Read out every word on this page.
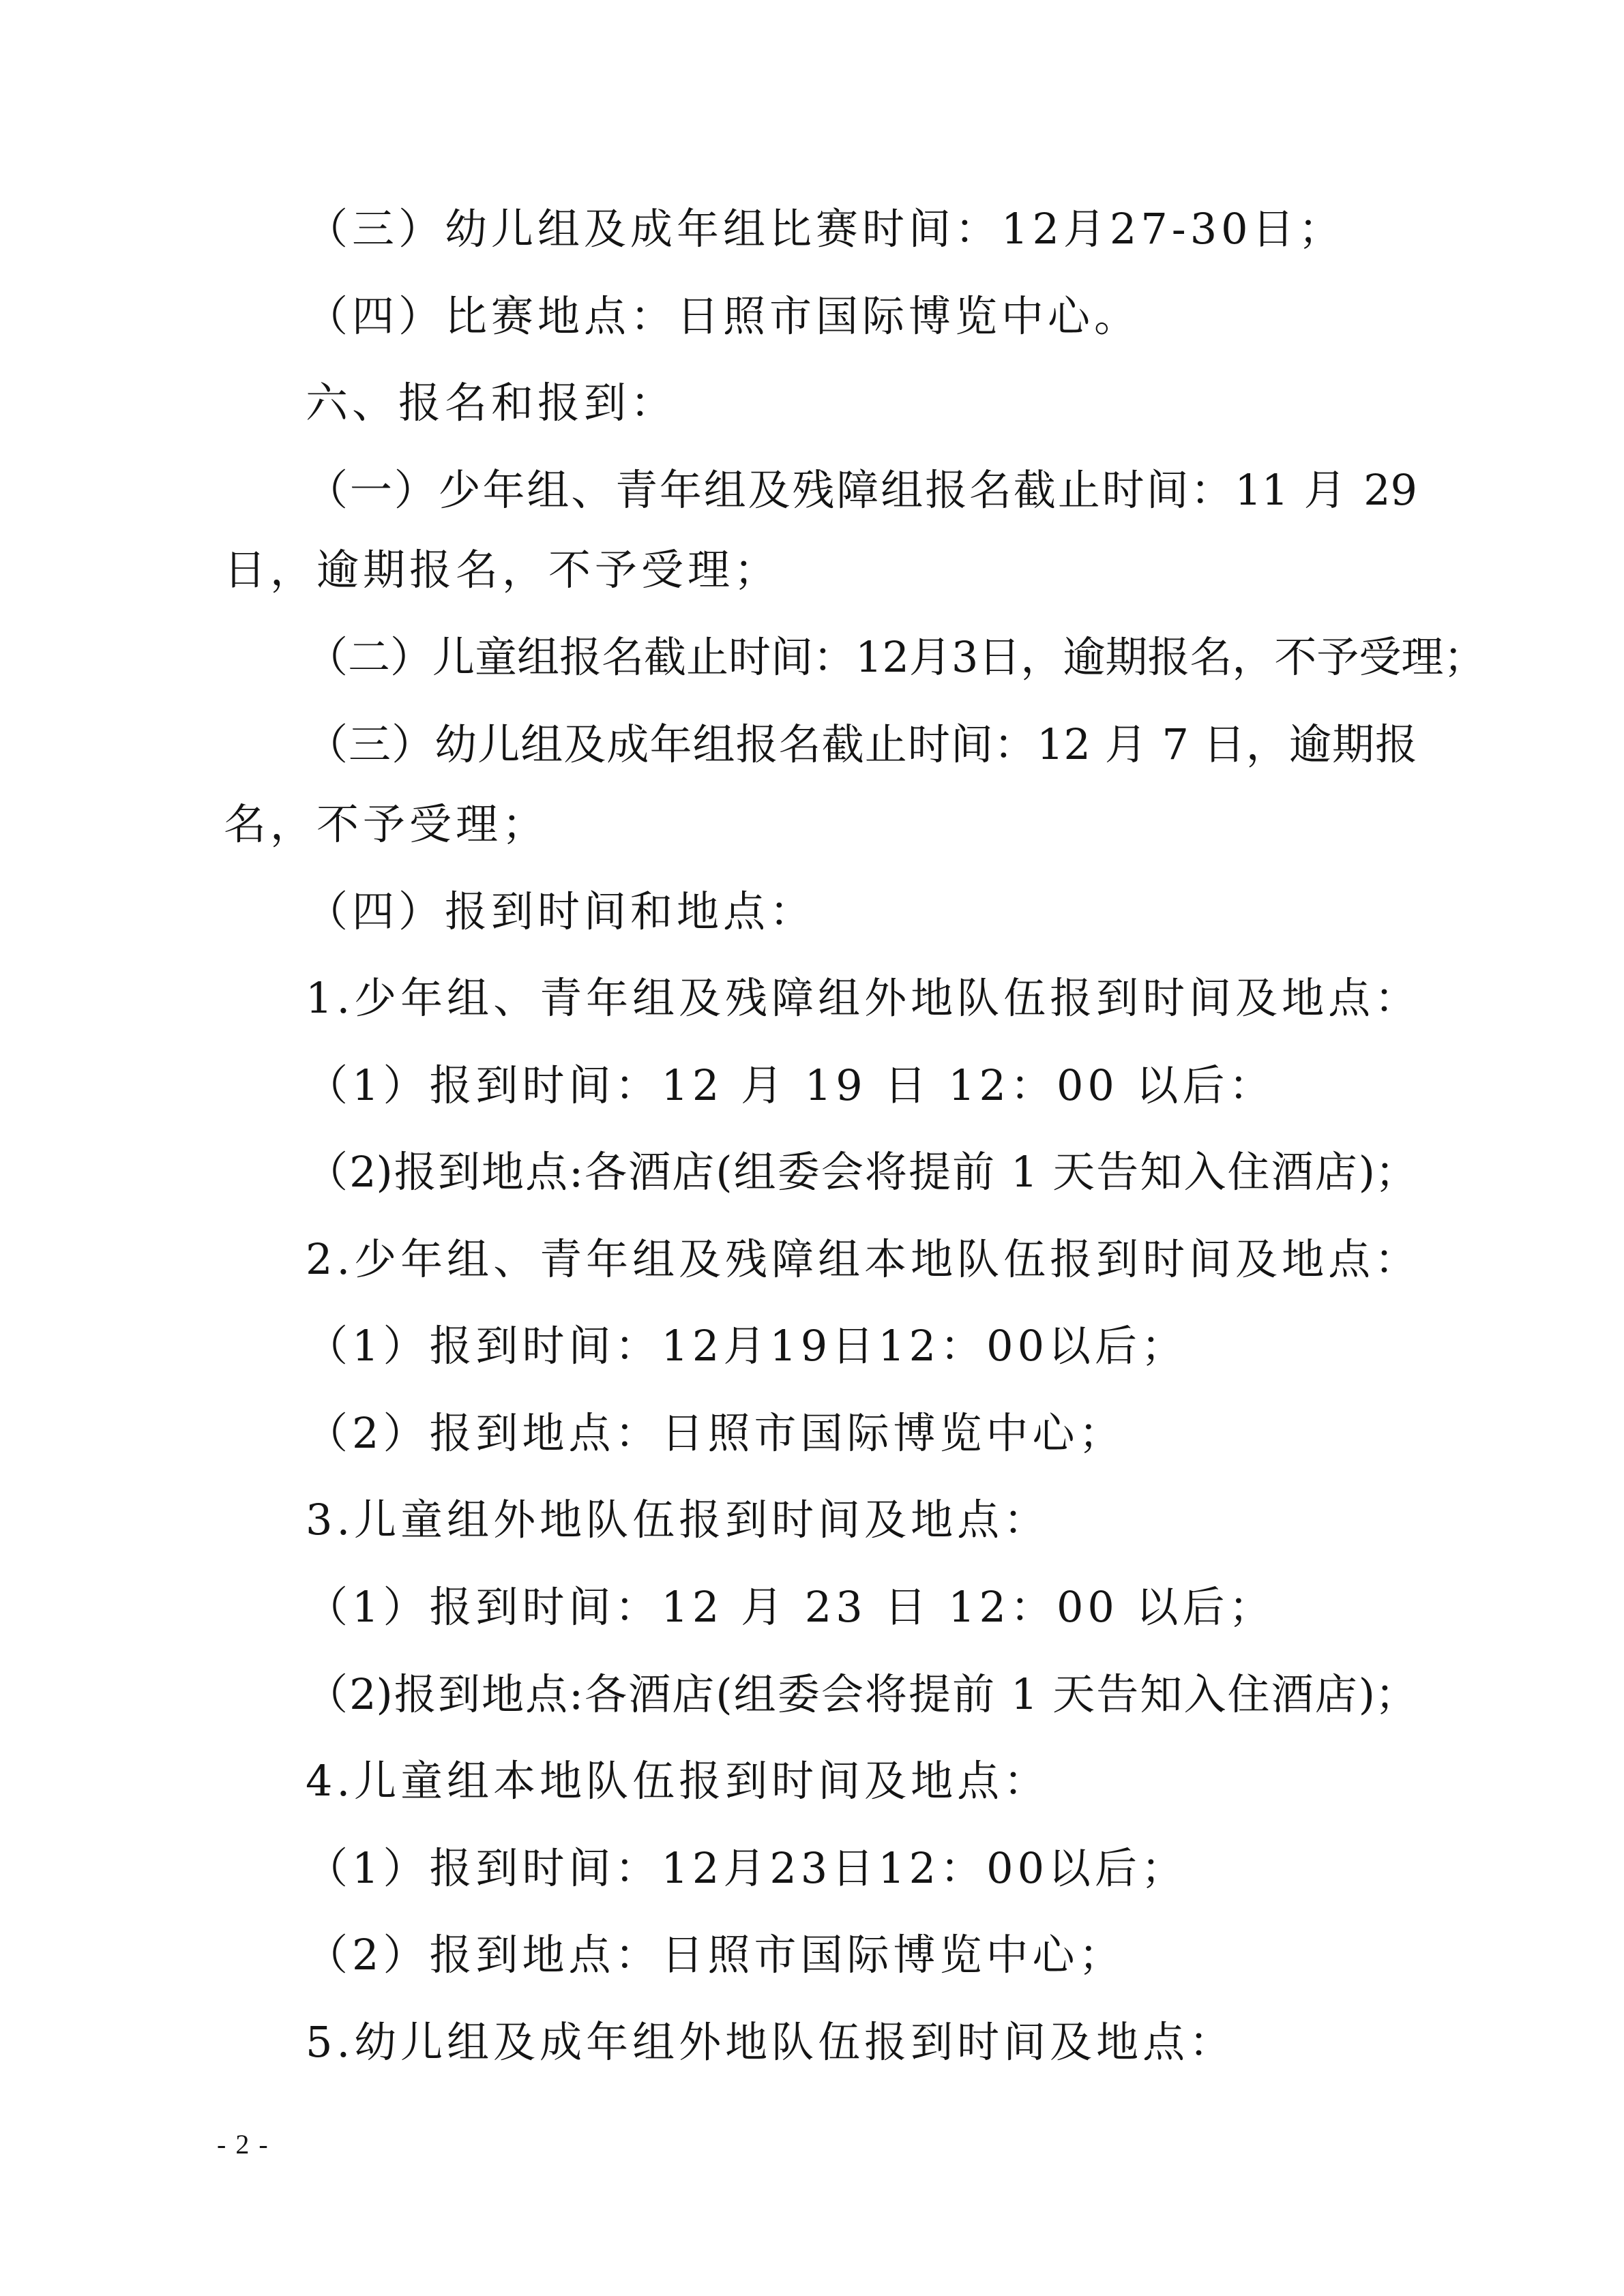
（三）幼儿组及成年组比赛时间：12月27-30日；
（四）比赛地点：日照市国际博览中心。
六、报名和报到：
（一）少年组、青年组及残障组报名截止时间：11 月 29
日，逾期报名，不予受理；
（二）儿童组报名截止时间：12月3日，逾期报名，不予受理；
（三）幼儿组及成年组报名截止时间：12 月 7 日，逾期报
名，不予受理；
（四）报到时间和地点：
1.少年组、青年组及残障组外地队伍报到时间及地点：
（1）报到时间：12 月 19 日 12：00 以后：
（2)报到地点:各酒店(组委会将提前 1 天告知入住酒店)；
2.少年组、青年组及残障组本地队伍报到时间及地点：
（1）报到时间：12月19日12：00以后；
（2）报到地点：日照市国际博览中心；
3.儿童组外地队伍报到时间及地点：
（1）报到时间：12 月 23 日 12：00 以后；
（2)报到地点:各酒店(组委会将提前 1 天告知入住酒店)；
4.儿童组本地队伍报到时间及地点：
（1）报到时间：12月23日12：00以后；
（2）报到地点：日照市国际博览中心；
5.幼儿组及成年组外地队伍报到时间及地点：
- 2 -
